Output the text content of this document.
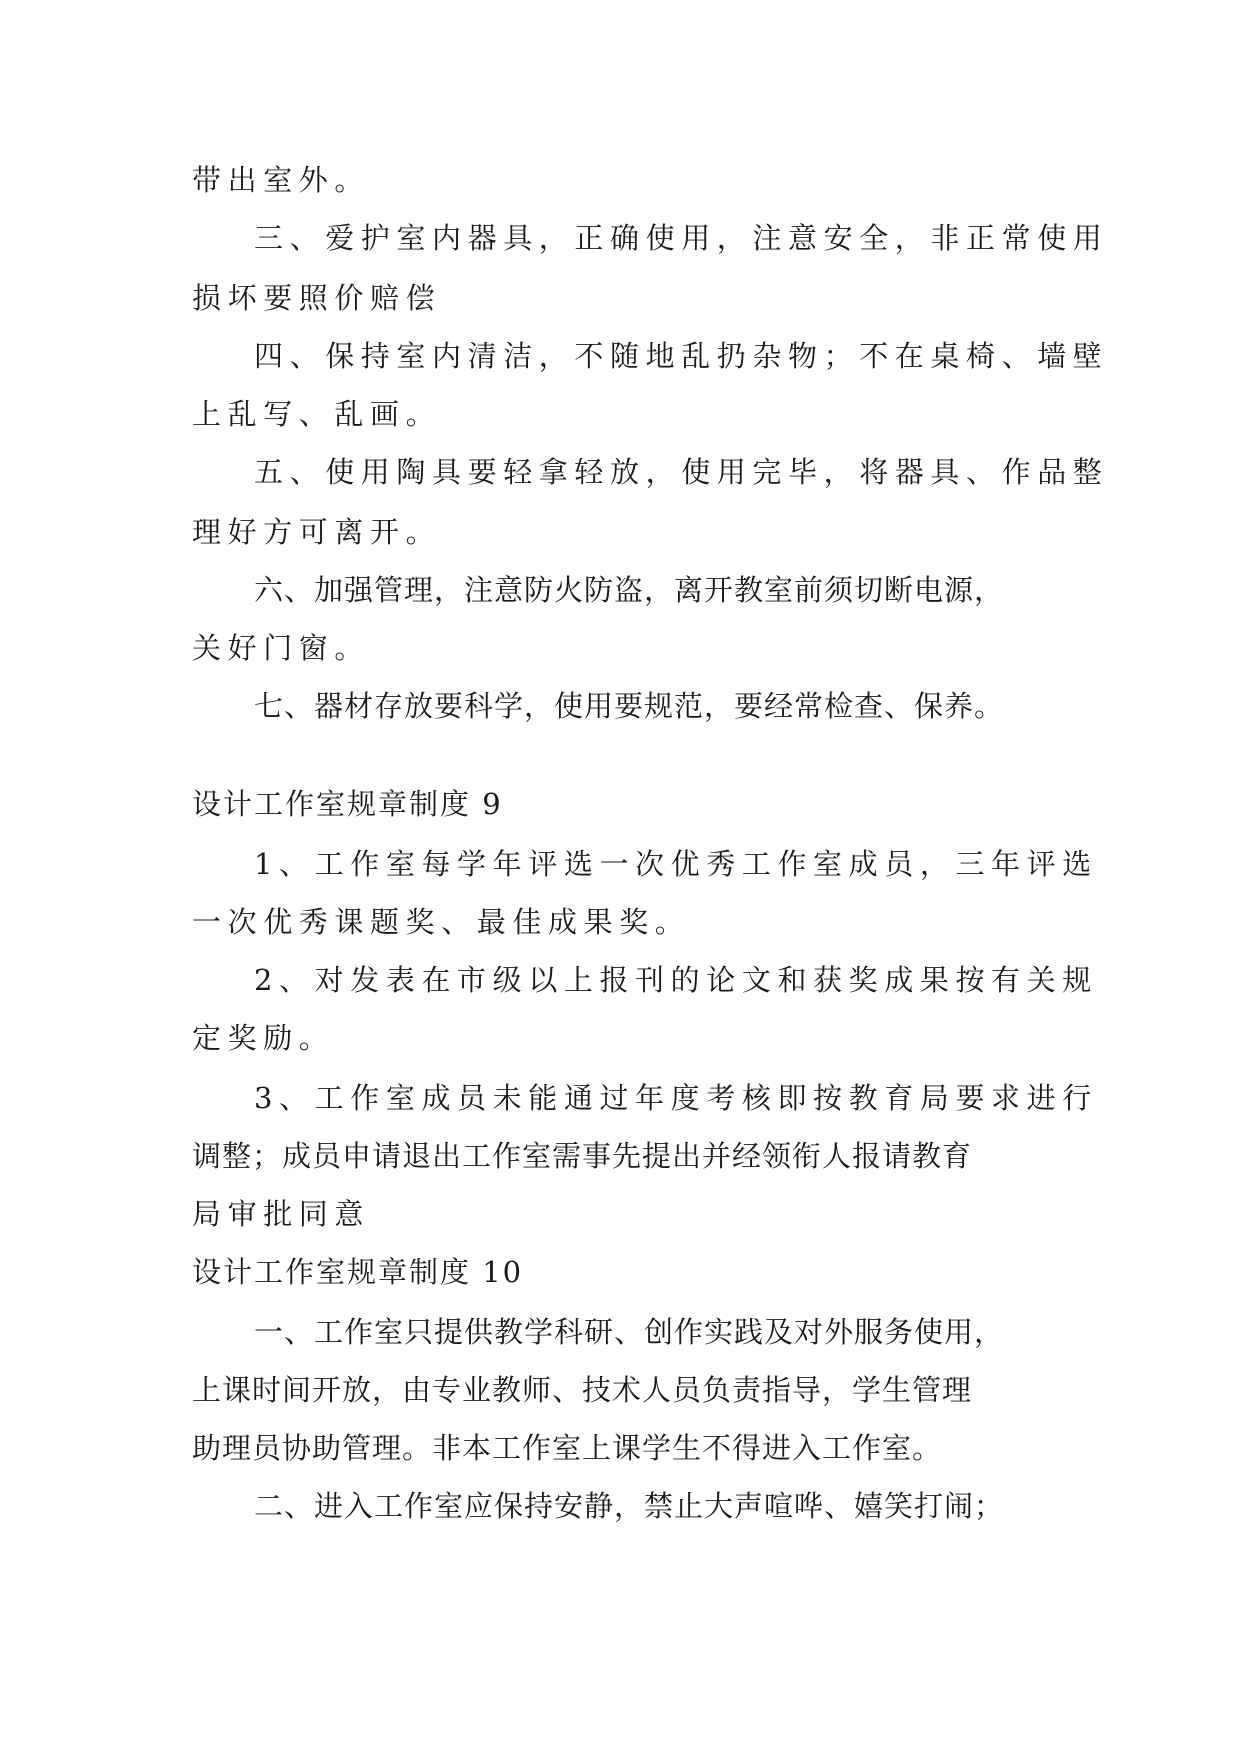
带出室外。
三、爱护室内器具，正确使用，注意安全，非正常使用
损坏要照价赔偿
四、保持室内清洁，不随地乱扔杂物；不在桌椅、墙壁
上乱写、乱画。
五、使用陶具要轻拿轻放，使用完毕，将器具、作品整
理好方可离开。
六、加强管理，注意防火防盗，离开教室前须切断电源，
关好门窗。
七、器材存放要科学，使用要规范，要经常检查、保养。
设计工作室规章制度 9
1、工作室每学年评选一次优秀工作室成员，三年评选
一次优秀课题奖、最佳成果奖。
2、对发表在市级以上报刊的论文和获奖成果按有关规
定奖励。
3、工作室成员未能通过年度考核即按教育局要求进行
调整；成员申请退出工作室需事先提出并经领衔人报请教育
局审批同意
设计工作室规章制度 10
一、工作室只提供教学科研、创作实践及对外服务使用，
上课时间开放，由专业教师、技术人员负责指导，学生管理
助理员协助管理。非本工作室上课学生不得进入工作室。
二、进入工作室应保持安静，禁止大声喧哗、嬉笑打闹；
